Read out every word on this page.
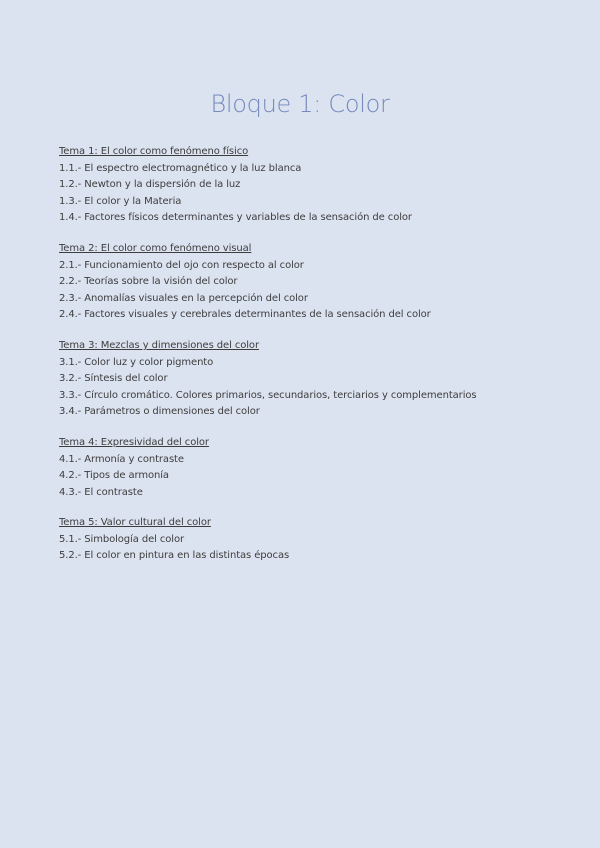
Bloque 1: Color

Tema 1: El color como fenómeno físico

1.1.- El espectro electromagnético y la luz blanca

1.2.- Newton y la dispersión de la luz

1.3.- El color y la Materia

1.4.- Factores físicos determinantes y variables de la sensación de color

Tema 2: El color como fenómeno visual

2.1.- Funcionamiento del ojo con respecto al color

2.2.- Teorías sobre la visión del color

2.3.- Anomalías visuales en la percepción del color

2.4.- Factores visuales y cerebrales determinantes de la sensación del color

Tema 3: Mezclas y dimensiones del color

3.1.- Color luz y color pigmento

3.2.- Síntesis del color

3.3.- Círculo cromático. Colores primarios, secundarios, terciarios y complementarios

3.4.- Parámetros o dimensiones del color

Tema 4: Expresividad del color

4.1.- Armonía y contraste

4.2.- Tipos de armonía

4.3.- El contraste

Tema 5: Valor cultural del color

5.1.- Simbología del color

5.2.- El color en pintura en las distintas épocas
